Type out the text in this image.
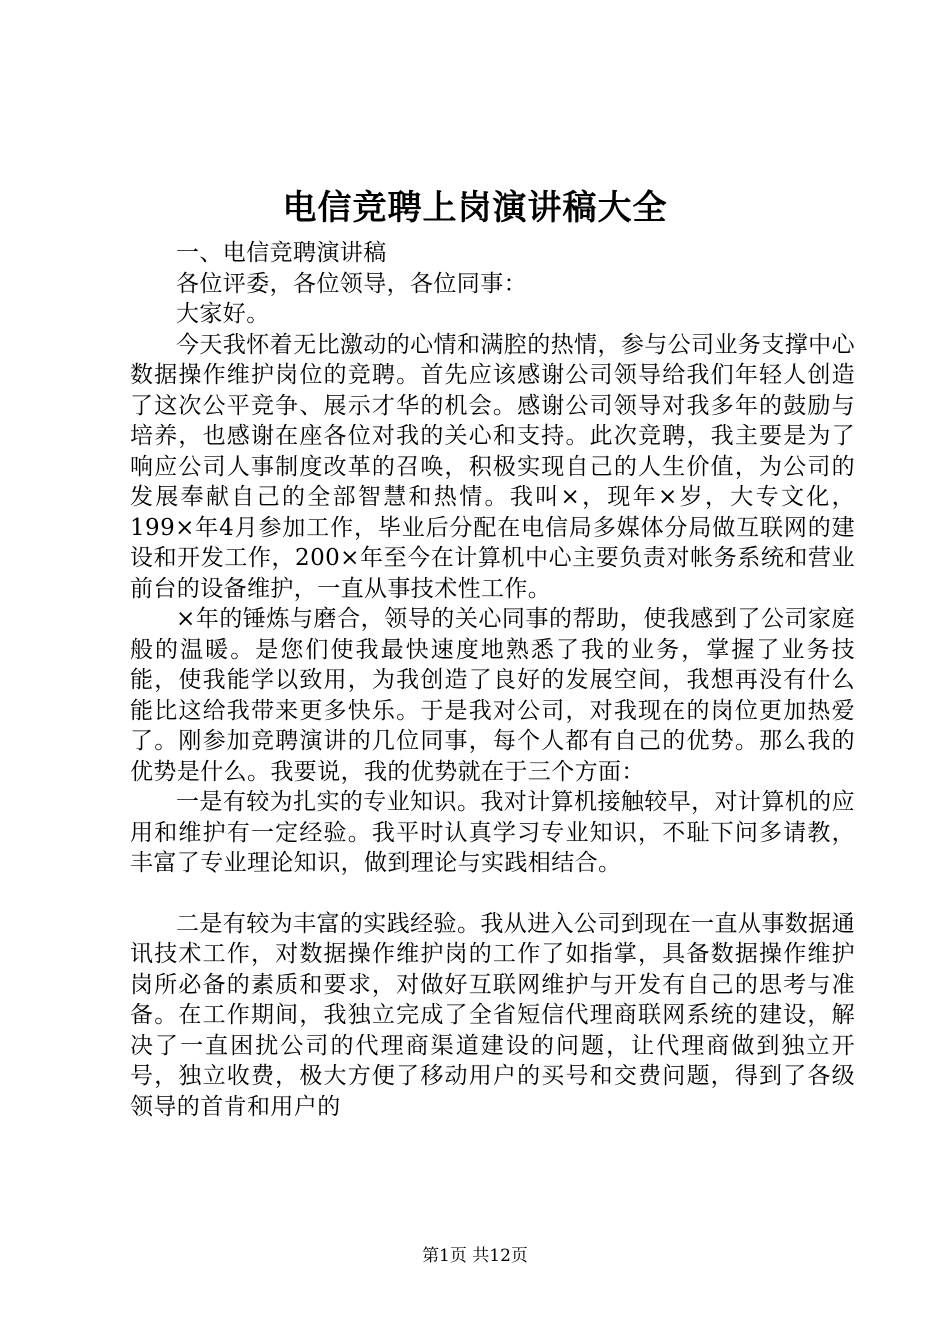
电信竞聘上岗演讲稿大全

一、电信竞聘演讲稿

各位评委，各位领导，各位同事：

大家好。

今天我怀着无比激动的心情和满腔的热情，参与公司业务支撑中心数据操作维护岗位的竞聘。首先应该感谢公司领导给我们年轻人创造了这次公平竞争、展示才华的机会。感谢公司领导对我多年的鼓励与培养，也感谢在座各位对我的关心和支持。此次竞聘，我主要是为了响应公司人事制度改革的召唤，积极实现自己的人生价值，为公司的发展奉献自己的全部智慧和热情。我叫×，现年×岁，大专文化，199×年4月参加工作，毕业后分配在电信局多媒体分局做互联网的建设和开发工作，200×年至今在计算机中心主要负责对帐务系统和营业前台的设备维护，一直从事技术性工作。

×年的锤炼与磨合，领导的关心同事的帮助，使我感到了公司家庭般的温暖。是您们使我最快速度地熟悉了我的业务，掌握了业务技能，使我能学以致用，为我创造了良好的发展空间，我想再没有什么能比这给我带来更多快乐。于是我对公司，对我现在的岗位更加热爱了。刚参加竞聘演讲的几位同事，每个人都有自己的优势。那么我的优势是什么。我要说，我的优势就在于三个方面：

一是有较为扎实的专业知识。我对计算机接触较早，对计算机的应用和维护有一定经验。我平时认真学习专业知识，不耻下问多请教，丰富了专业理论知识，做到理论与实践相结合。

二是有较为丰富的实践经验。我从进入公司到现在一直从事数据通讯技术工作，对数据操作维护岗的工作了如指掌，具备数据操作维护岗所必备的素质和要求，对做好互联网维护与开发有自己的思考与准备。在工作期间，我独立完成了全省短信代理商联网系统的建设，解决了一直困扰公司的代理商渠道建设的问题，让代理商做到独立开号，独立收费，极大方便了移动用户的买号和交费问题，得到了各级领导的首肯和用户的

第1页 共12页
